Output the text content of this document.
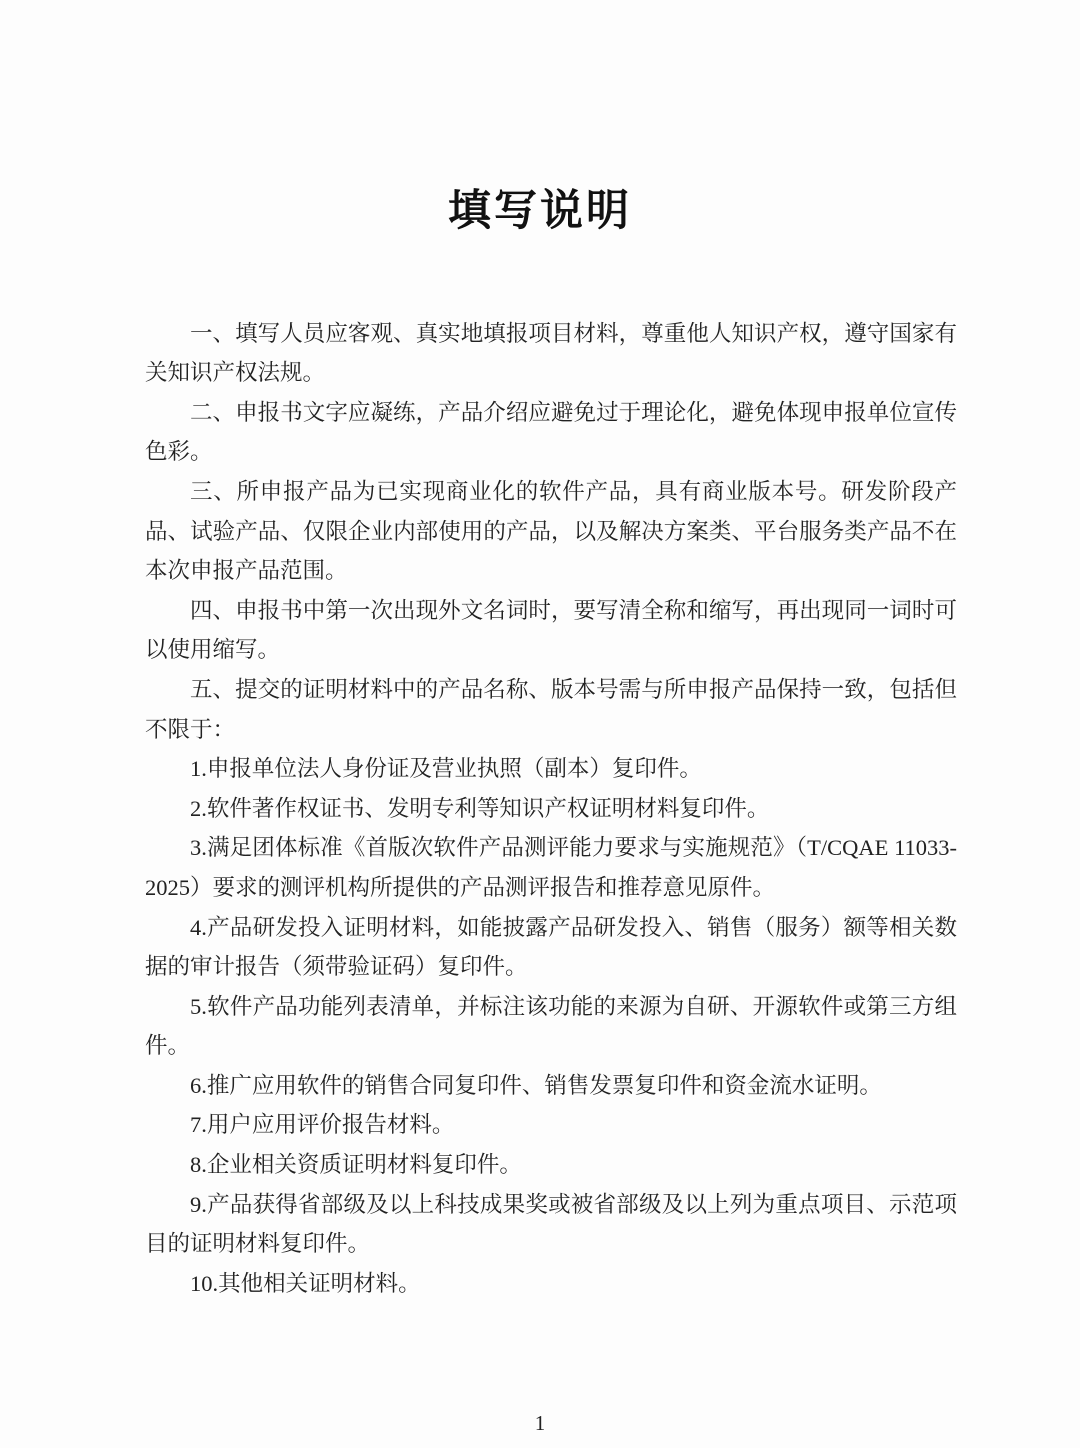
填写说明

一、填写人员应客观、真实地填报项目材料，尊重他人知识产权，遵守国家有关知识产权法规。

二、申报书文字应凝练，产品介绍应避免过于理论化，避免体现申报单位宣传色彩。

三、所申报产品为已实现商业化的软件产品，具有商业版本号。研发阶段产品、试验产品、仅限企业内部使用的产品，以及解决方案类、平台服务类产品不在本次申报产品范围。

四、申报书中第一次出现外文名词时，要写清全称和缩写，再出现同一词时可以使用缩写。

五、提交的证明材料中的产品名称、版本号需与所申报产品保持一致，包括但不限于：

1.申报单位法人身份证及营业执照（副本）复印件。

2.软件著作权证书、发明专利等知识产权证明材料复印件。

3.满足团体标准《首版次软件产品测评能力要求与实施规范》（T/CQAE 11033-2025）要求的测评机构所提供的产品测评报告和推荐意见原件。

4.产品研发投入证明材料，如能披露产品研发投入、销售（服务）额等相关数据的审计报告（须带验证码）复印件。

5.软件产品功能列表清单，并标注该功能的来源为自研、开源软件或第三方组件。

6.推广应用软件的销售合同复印件、销售发票复印件和资金流水证明。

7.用户应用评价报告材料。

8.企业相关资质证明材料复印件。

9.产品获得省部级及以上科技成果奖或被省部级及以上列为重点项目、示范项目的证明材料复印件。

10.其他相关证明材料。

1
